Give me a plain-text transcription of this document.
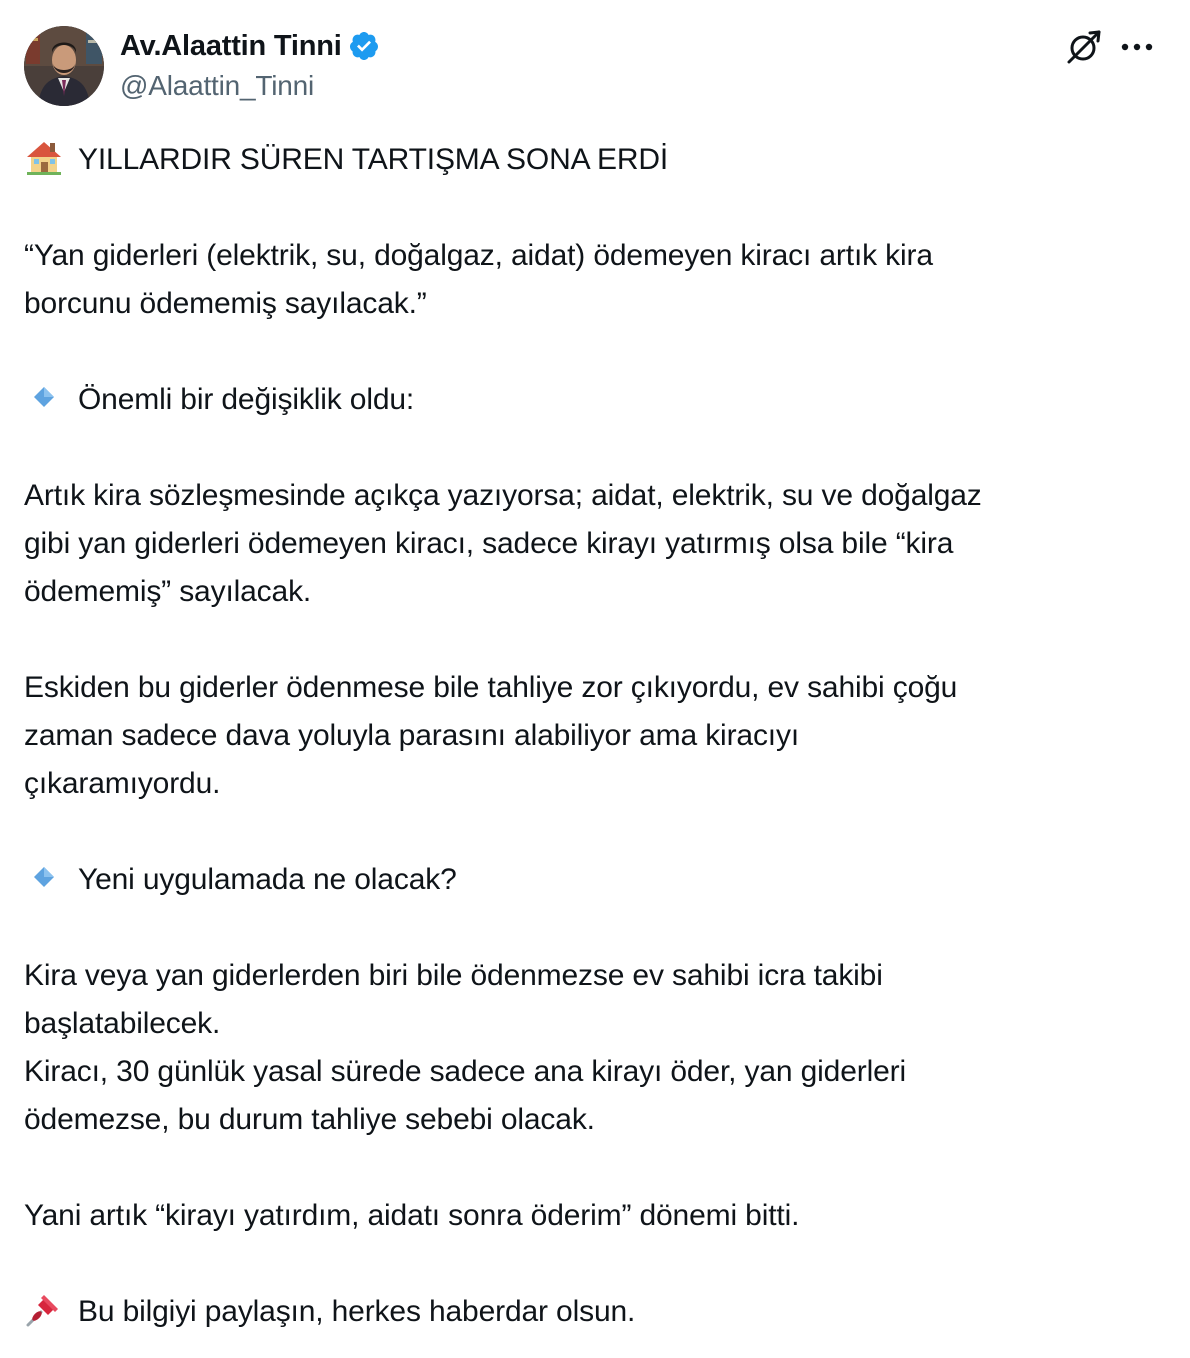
Av.Alaattin Tinni
@Alaattin_Tinni
YILLARDIR SÜREN TARTIŞMA SONA ERDİ
“Yan giderleri (elektrik, su, doğalgaz, aidat) ödemeyen kiracı artık kira
borcunu ödememiş sayılacak.”
Önemli bir değişiklik oldu:
Artık kira sözleşmesinde açıkça yazıyorsa; aidat, elektrik, su ve doğalgaz
gibi yan giderleri ödemeyen kiracı, sadece kirayı yatırmış olsa bile “kira
ödememiş” sayılacak.
Eskiden bu giderler ödenmese bile tahliye zor çıkıyordu, ev sahibi çoğu
zaman sadece dava yoluyla parasını alabiliyor ama kiracıyı
çıkaramıyordu.
Yeni uygulamada ne olacak?
Kira veya yan giderlerden biri bile ödenmezse ev sahibi icra takibi
başlatabilecek.
Kiracı, 30 günlük yasal sürede sadece ana kirayı öder, yan giderleri
ödemezse, bu durum tahliye sebebi olacak.
Yani artık “kirayı yatırdım, aidatı sonra öderim” dönemi bitti.
Bu bilgiyi paylaşın, herkes haberdar olsun.
